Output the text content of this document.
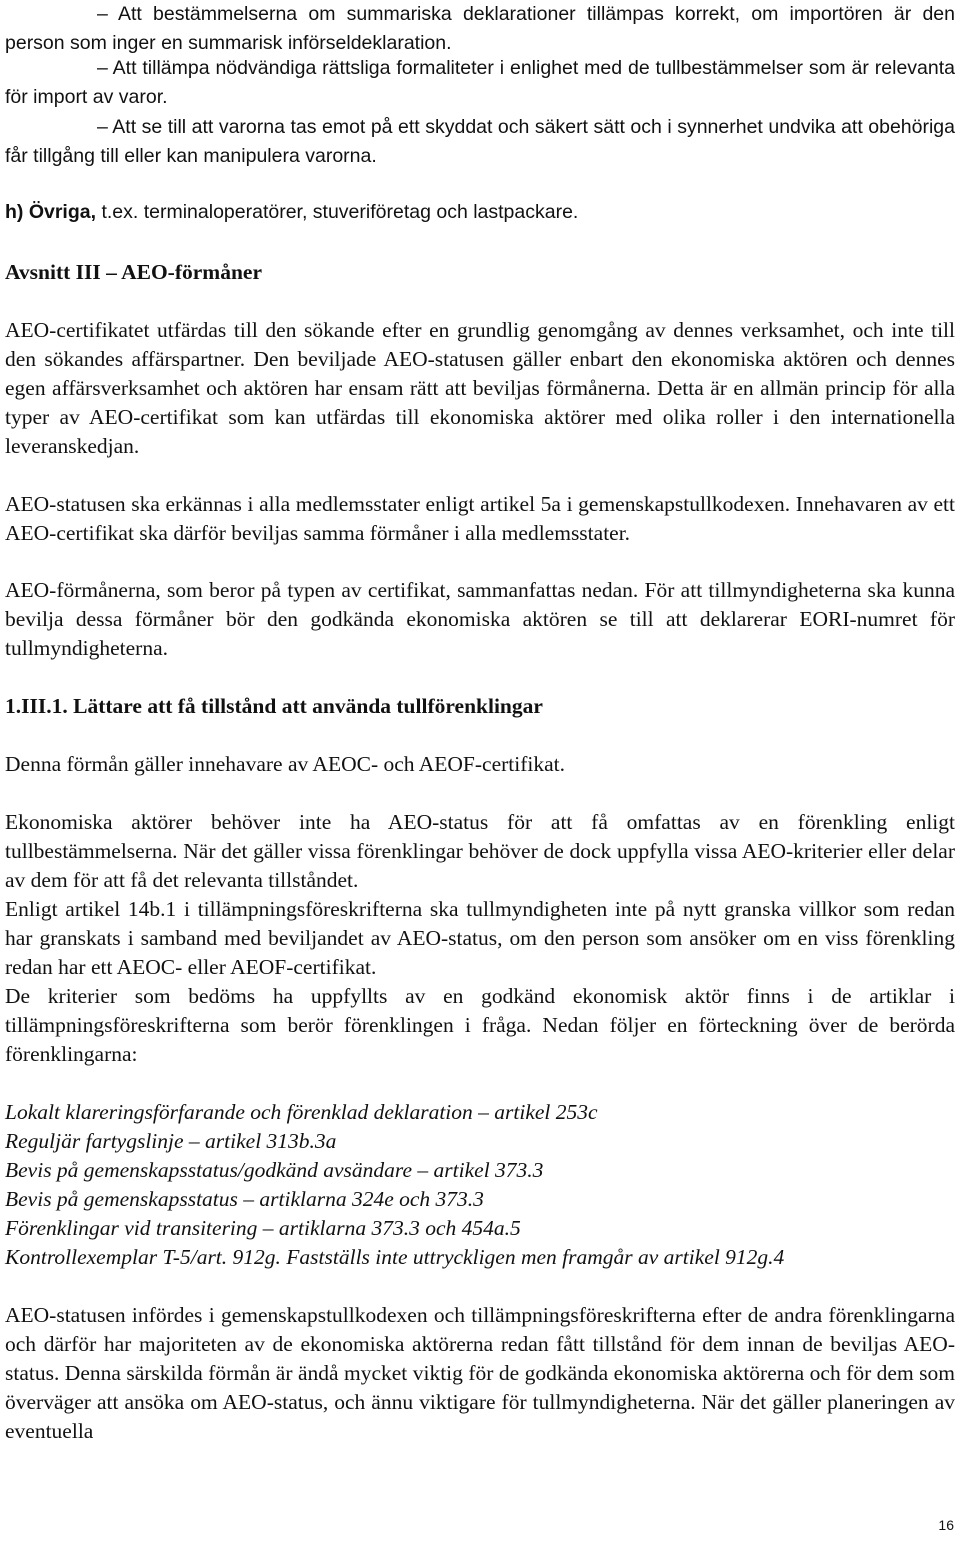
– Att bestämmelserna om summariska deklarationer tillämpas korrekt, om importören är den person som inger en summarisk införseldeklaration.

– Att tillämpa nödvändiga rättsliga formaliteter i enlighet med de tullbestämmelser som är relevanta för import av varor.

– Att se till att varorna tas emot på ett skyddat och säkert sätt och i synnerhet undvika att obehöriga får tillgång till eller kan manipulera varorna.

h) Övriga, t.ex. terminaloperatörer, stuveriföretag och lastpackare.

Avsnitt III – AEO-förmåner

AEO-certifikatet utfärdas till den sökande efter en grundlig genomgång av dennes verksamhet, och inte till den sökandes affärspartner. Den beviljade AEO-statusen gäller enbart den ekonomiska aktören och dennes egen affärsverksamhet och aktören har ensam rätt att beviljas förmånerna. Detta är en allmän princip för alla typer av AEO-certifikat som kan utfärdas till ekonomiska aktörer med olika roller i den internationella leveranskedjan.

AEO-statusen ska erkännas i alla medlemsstater enligt artikel 5a i gemenskapstullkodexen. Innehavaren av ett AEO-certifikat ska därför beviljas samma förmåner i alla medlemsstater.

AEO-förmånerna, som beror på typen av certifikat, sammanfattas nedan. För att tillmyndigheterna ska kunna bevilja dessa förmåner bör den godkända ekonomiska aktören se till att deklarerar EORI-numret för tullmyndigheterna.

1.III.1. Lättare att få tillstånd att använda tullförenklingar

Denna förmån gäller innehavare av AEOC- och AEOF-certifikat.

Ekonomiska aktörer behöver inte ha AEO-status för att få omfattas av en förenkling enligt tullbestämmelserna. När det gäller vissa förenklingar behöver de dock uppfylla vissa AEO-kriterier eller delar av dem för att få det relevanta tillståndet.

Enligt artikel 14b.1 i tillämpningsföreskrifterna ska tullmyndigheten inte på nytt granska villkor som redan har granskats i samband med beviljandet av AEO-status, om den person som ansöker om en viss förenkling redan har ett AEOC- eller AEOF-certifikat.

De kriterier som bedöms ha uppfyllts av en godkänd ekonomisk aktör finns i de artiklar i tillämpningsföreskrifterna som berör förenklingen i fråga. Nedan följer en förteckning över de berörda förenklingarna:

Lokalt klareringsförfarande och förenklad deklaration – artikel 253c
Reguljär fartygslinje – artikel 313b.3a
Bevis på gemenskapsstatus/godkänd avsändare – artikel 373.3
Bevis på gemenskapsstatus – artiklarna 324e och 373.3
Förenklingar vid transitering – artiklarna 373.3 och 454a.5
Kontrollexemplar T-5/art. 912g. Fastställs inte uttryckligen men framgår av artikel 912g.4

AEO-statusen infördes i gemenskapstullkodexen och tillämpningsföreskrifterna efter de andra förenklingarna och därför har majoriteten av de ekonomiska aktörerna redan fått tillstånd för dem innan de beviljas AEO-status. Denna särskilda förmån är ändå mycket viktig för de godkända ekonomiska aktörerna och för dem som överväger att ansöka om AEO-status, och ännu viktigare för tullmyndigheterna. När det gäller planeringen av eventuella

16
